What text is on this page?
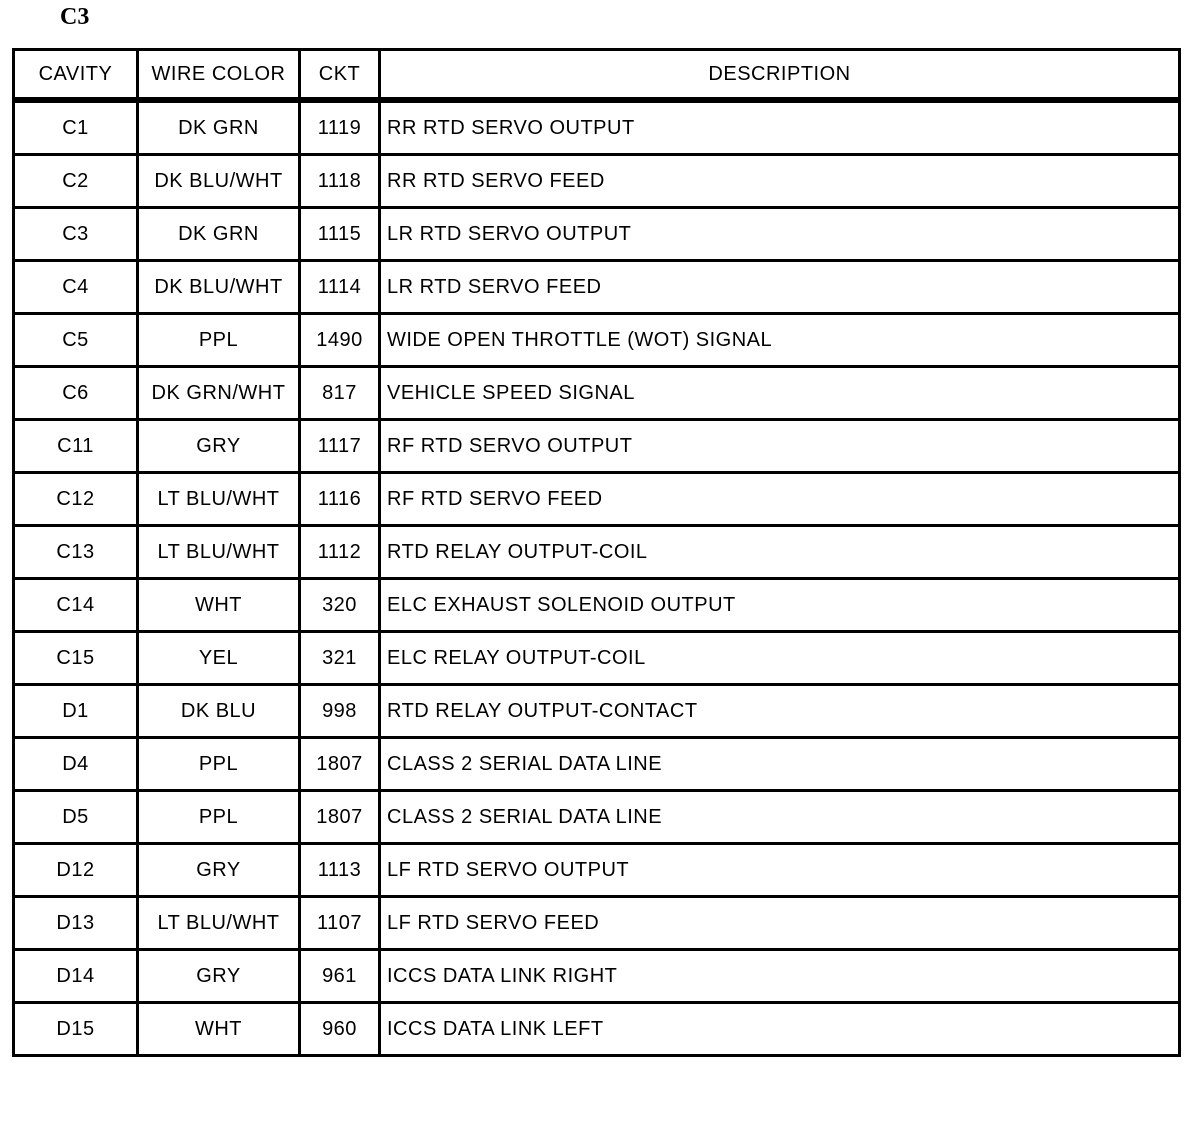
C3
CAVITY	WIRE COLOR	CKT	DESCRIPTION
C1	DK GRN	1119	RR RTD SERVO OUTPUT
C2	DK BLU/WHT	1118	RR RTD SERVO FEED
C3	DK GRN	1115	LR RTD SERVO OUTPUT
C4	DK BLU/WHT	1114	LR RTD SERVO FEED
C5	PPL	1490	WIDE OPEN THROTTLE (WOT) SIGNAL
C6	DK GRN/WHT	817	VEHICLE SPEED SIGNAL
C11	GRY	1117	RF RTD SERVO OUTPUT
C12	LT BLU/WHT	1116	RF RTD SERVO FEED
C13	LT BLU/WHT	1112	RTD RELAY OUTPUT-COIL
C14	WHT	320	ELC EXHAUST SOLENOID OUTPUT
C15	YEL	321	ELC RELAY OUTPUT-COIL
D1	DK BLU	998	RTD RELAY OUTPUT-CONTACT
D4	PPL	1807	CLASS 2 SERIAL DATA LINE
D5	PPL	1807	CLASS 2 SERIAL DATA LINE
D12	GRY	1113	LF RTD SERVO OUTPUT
D13	LT BLU/WHT	1107	LF RTD SERVO FEED
D14	GRY	961	ICCS DATA LINK RIGHT
D15	WHT	960	ICCS DATA LINK LEFT
